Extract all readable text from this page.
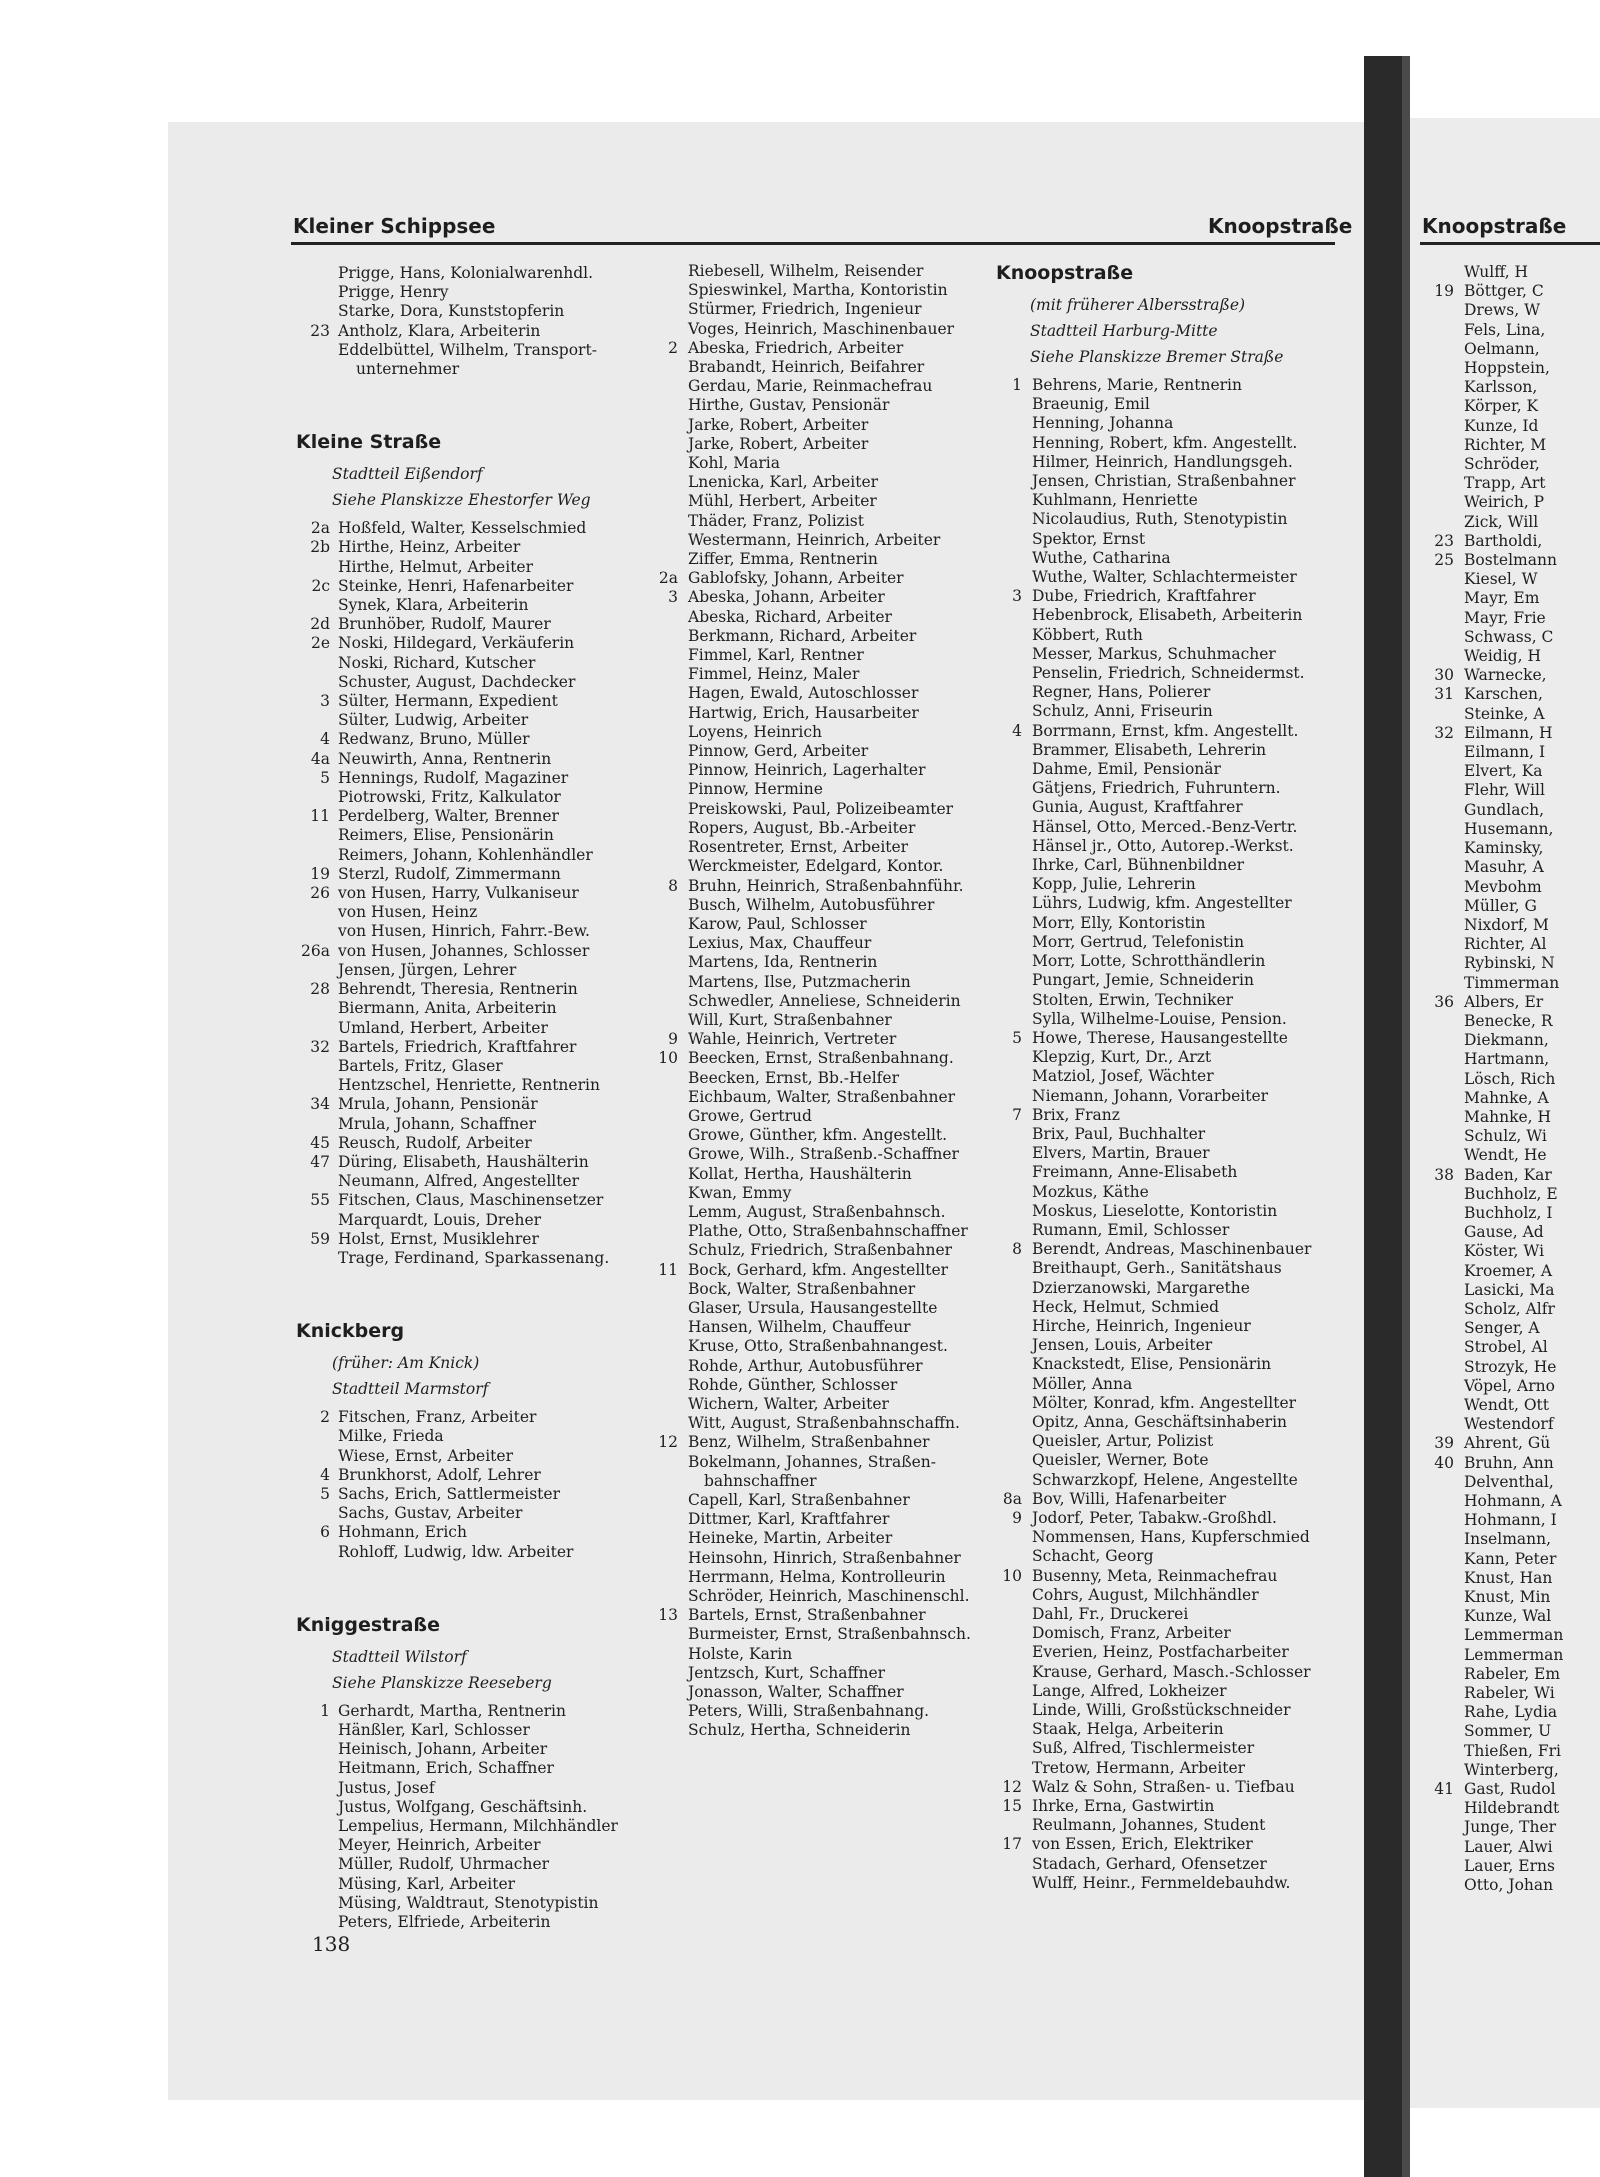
Knoopstraße
Kleiner Schippsee	Knoopstraße
Prigge, Hans, Kolonialwarenhdl.
Prigge, Henry
Starke, Dora, Kunststopferin
23 Antholz, Klara, Arbeiterin
Eddelbüttel, Wilhelm, Transport-
unternehmer
Kleine Straße
Stadtteil Eißendorf
Siehe Planskizze Ehestorfer Weg
2a Hoßfeld, Walter, Kesselschmied
2b Hirthe, Heinz, Arbeiter
Hirthe, Helmut, Arbeiter
2c Steinke, Henri, Hafenarbeiter
Synek, Klara, Arbeiterin
2d Brunhöber, Rudolf, Maurer
2e Noski, Hildegard, Verkäuferin
Noski, Richard, Kutscher
Schuster, August, Dachdecker
3 Sülter, Hermann, Expedient
Sülter, Ludwig, Arbeiter
4 Redwanz, Bruno, Müller
4a Neuwirth, Anna, Rentnerin
5 Hennings, Rudolf, Magaziner
Piotrowski, Fritz, Kalkulator
11 Perdelberg, Walter, Brenner
Reimers, Elise, Pensionärin
Reimers, Johann, Kohlenhändler
19 Sterzl, Rudolf, Zimmermann
26 von Husen, Harry, Vulkaniseur
von Husen, Heinz
von Husen, Hinrich, Fahrr.-Bew.
26a von Husen, Johannes, Schlosser
Jensen, Jürgen, Lehrer
28 Behrendt, Theresia, Rentnerin
Biermann, Anita, Arbeiterin
Umland, Herbert, Arbeiter
32 Bartels, Friedrich, Kraftfahrer
Bartels, Fritz, Glaser
Hentzschel, Henriette, Rentnerin
34 Mrula, Johann, Pensionär
Mrula, Johann, Schaffner
45 Reusch, Rudolf, Arbeiter
47 Düring, Elisabeth, Haushälterin
Neumann, Alfred, Angestellter
55 Fitschen, Claus, Maschinensetzer
Marquardt, Louis, Dreher
59 Holst, Ernst, Musiklehrer
Trage, Ferdinand, Sparkassenang.
Knickberg
(früher: Am Knick)
Stadtteil Marmstorf
2 Fitschen, Franz, Arbeiter
Milke, Frieda
Wiese, Ernst, Arbeiter
4 Brunkhorst, Adolf, Lehrer
5 Sachs, Erich, Sattlermeister
Sachs, Gustav, Arbeiter
6 Hohmann, Erich
Rohloff, Ludwig, ldw. Arbeiter
Kniggestraße
Stadtteil Wilstorf
Siehe Planskizze Reeseberg
1 Gerhardt, Martha, Rentnerin
Hänßler, Karl, Schlosser
Heinisch, Johann, Arbeiter
Heitmann, Erich, Schaffner
Justus, Josef
Justus, Wolfgang, Geschäftsinh.
Lempelius, Hermann, Milchhändler
Meyer, Heinrich, Arbeiter
Müller, Rudolf, Uhrmacher
Müsing, Karl, Arbeiter
Müsing, Waldtraut, Stenotypistin
Peters, Elfriede, Arbeiterin
Riebesell, Wilhelm, Reisender
Spieswinkel, Martha, Kontoristin
Stürmer, Friedrich, Ingenieur
Voges, Heinrich, Maschinenbauer
2 Abeska, Friedrich, Arbeiter
Brabandt, Heinrich, Beifahrer
Gerdau, Marie, Reinmachefrau
Hirthe, Gustav, Pensionär
Jarke, Robert, Arbeiter
Jarke, Robert, Arbeiter
Kohl, Maria
Lnenicka, Karl, Arbeiter
Mühl, Herbert, Arbeiter
Thäder, Franz, Polizist
Westermann, Heinrich, Arbeiter
Ziffer, Emma, Rentnerin
2a Gablofsky, Johann, Arbeiter
3 Abeska, Johann, Arbeiter
Abeska, Richard, Arbeiter
Berkmann, Richard, Arbeiter
Fimmel, Karl, Rentner
Fimmel, Heinz, Maler
Hagen, Ewald, Autoschlosser
Hartwig, Erich, Hausarbeiter
Loyens, Heinrich
Pinnow, Gerd, Arbeiter
Pinnow, Heinrich, Lagerhalter
Pinnow, Hermine
Preiskowski, Paul, Polizeibeamter
Ropers, August, Bb.-Arbeiter
Rosentreter, Ernst, Arbeiter
Werckmeister, Edelgard, Kontor.
8 Bruhn, Heinrich, Straßenbahnführ.
Busch, Wilhelm, Autobusführer
Karow, Paul, Schlosser
Lexius, Max, Chauffeur
Martens, Ida, Rentnerin
Martens, Ilse, Putzmacherin
Schwedler, Anneliese, Schneiderin
Will, Kurt, Straßenbahner
9 Wahle, Heinrich, Vertreter
10 Beecken, Ernst, Straßenbahnang.
Beecken, Ernst, Bb.-Helfer
Eichbaum, Walter, Straßenbahner
Growe, Gertrud
Growe, Günther, kfm. Angestellt.
Growe, Wilh., Straßenb.-Schaffner
Kollat, Hertha, Haushälterin
Kwan, Emmy
Lemm, August, Straßenbahnsch.
Plathe, Otto, Straßenbahnschaffner
Schulz, Friedrich, Straßenbahner
11 Bock, Gerhard, kfm. Angestellter
Bock, Walter, Straßenbahner
Glaser, Ursula, Hausangestellte
Hansen, Wilhelm, Chauffeur
Kruse, Otto, Straßenbahnangest.
Rohde, Arthur, Autobusführer
Rohde, Günther, Schlosser
Wichern, Walter, Arbeiter
Witt, August, Straßenbahnschaffn.
12 Benz, Wilhelm, Straßenbahner
Bokelmann, Johannes, Straßen-
bahnschaffner
Capell, Karl, Straßenbahner
Dittmer, Karl, Kraftfahrer
Heineke, Martin, Arbeiter
Heinsohn, Hinrich, Straßenbahner
Herrmann, Helma, Kontrolleurin
Schröder, Heinrich, Maschinenschl.
13 Bartels, Ernst, Straßenbahner
Burmeister, Ernst, Straßenbahnsch.
Holste, Karin
Jentzsch, Kurt, Schaffner
Jonasson, Walter, Schaffner
Peters, Willi, Straßenbahnang.
Schulz, Hertha, Schneiderin
Knoopstraße
(mit früherer Albersstraße)
Stadtteil Harburg-Mitte
Siehe Planskizze Bremer Straße
1 Behrens, Marie, Rentnerin
Braeunig, Emil
Henning, Johanna
Henning, Robert, kfm. Angestellt.
Hilmer, Heinrich, Handlungsgeh.
Jensen, Christian, Straßenbahner
Kuhlmann, Henriette
Nicolaudius, Ruth, Stenotypistin
Spektor, Ernst
Wuthe, Catharina
Wuthe, Walter, Schlachtermeister
3 Dube, Friedrich, Kraftfahrer
Hebenbrock, Elisabeth, Arbeiterin
Köbbert, Ruth
Messer, Markus, Schuhmacher
Penselin, Friedrich, Schneidermst.
Regner, Hans, Polierer
Schulz, Anni, Friseurin
4 Borrmann, Ernst, kfm. Angestellt.
Brammer, Elisabeth, Lehrerin
Dahme, Emil, Pensionär
Gätjens, Friedrich, Fuhruntern.
Gunia, August, Kraftfahrer
Hänsel, Otto, Merced.-Benz-Vertr.
Hänsel jr., Otto, Autorep.-Werkst.
Ihrke, Carl, Bühnenbildner
Kopp, Julie, Lehrerin
Lührs, Ludwig, kfm. Angestellter
Morr, Elly, Kontoristin
Morr, Gertrud, Telefonistin
Morr, Lotte, Schrotthändlerin
Pungart, Jemie, Schneiderin
Stolten, Erwin, Techniker
Sylla, Wilhelme-Louise, Pension.
5 Howe, Therese, Hausangestellte
Klepzig, Kurt, Dr., Arzt
Matziol, Josef, Wächter
Niemann, Johann, Vorarbeiter
7 Brix, Franz
Brix, Paul, Buchhalter
Elvers, Martin, Brauer
Freimann, Anne-Elisabeth
Mozkus, Käthe
Moskus, Lieselotte, Kontoristin
Rumann, Emil, Schlosser
8 Berendt, Andreas, Maschinenbauer
Breithaupt, Gerh., Sanitätshaus
Dzierzanowski, Margarethe
Heck, Helmut, Schmied
Hirche, Heinrich, Ingenieur
Jensen, Louis, Arbeiter
Knackstedt, Elise, Pensionärin
Möller, Anna
Mölter, Konrad, kfm. Angestellter
Opitz, Anna, Geschäftsinhaberin
Queisler, Artur, Polizist
Queisler, Werner, Bote
Schwarzkopf, Helene, Angestellte
8a Bov, Willi, Hafenarbeiter
9 Jodorf, Peter, Tabakw.-Großhdl.
Nommensen, Hans, Kupferschmied
Schacht, Georg
10 Busenny, Meta, Reinmachefrau
Cohrs, August, Milchhändler
Dahl, Fr., Druckerei
Domisch, Franz, Arbeiter
Everien, Heinz, Postfacharbeiter
Krause, Gerhard, Masch.-Schlosser
Lange, Alfred, Lokheizer
Linde, Willi, Großstückschneider
Staak, Helga, Arbeiterin
Suß, Alfred, Tischlermeister
Tretow, Hermann, Arbeiter
12 Walz & Sohn, Straßen- u. Tiefbau
15 Ihrke, Erna, Gastwirtin
Reulmann, Johannes, Student
17 von Essen, Erich, Elektriker
Stadach, Gerhard, Ofensetzer
Wulff, Heinr., Fernmeldebauhdw.
Wulff, H
19 Böttger, C
Drews, W
Fels, Lina,
Oelmann,
Hoppstein,
Karlsson,
Körper, K
Kunze, Id
Richter, M
Schröder,
Trapp, Art
Weirich, P
Zick, Will
23 Bartholdi,
25 Bostelmann
Kiesel, W
Mayr, Em
Mayr, Frie
Schwass, C
Weidig, H
30 Warnecke,
31 Karschen,
Steinke, A
32 Eilmann, H
Eilmann, I
Elvert, Ka
Flehr, Will
Gundlach,
Husemann,
Kaminsky,
Masuhr, A
Mevbohm
Müller, G
Nixdorf, M
Richter, Al
Rybinski, N
Timmerman
36 Albers, Er
Benecke, R
Diekmann,
Hartmann,
Lösch, Rich
Mahnke, A
Mahnke, H
Schulz, Wi
Wendt, He
38 Baden, Kar
Buchholz, E
Buchholz, I
Gause, Ad
Köster, Wi
Kroemer, A
Lasicki, Ma
Scholz, Alfr
Senger, A
Strobel, Al
Strozyk, He
Vöpel, Arno
Wendt, Ott
Westendorf
39 Ahrent, Gü
40 Bruhn, Ann
Delventhal,
Hohmann, A
Hohmann, I
Inselmann,
Kann, Peter
Knust, Han
Knust, Min
Kunze, Wal
Lemmerman
Lemmerman
Rabeler, Em
Rabeler, Wi
Rahe, Lydia
Sommer, U
Thießen, Fri
Winterberg,
41 Gast, Rudol
Hildebrandt
Junge, Ther
Lauer, Alwi
Lauer, Erns
Otto, Johan
138
